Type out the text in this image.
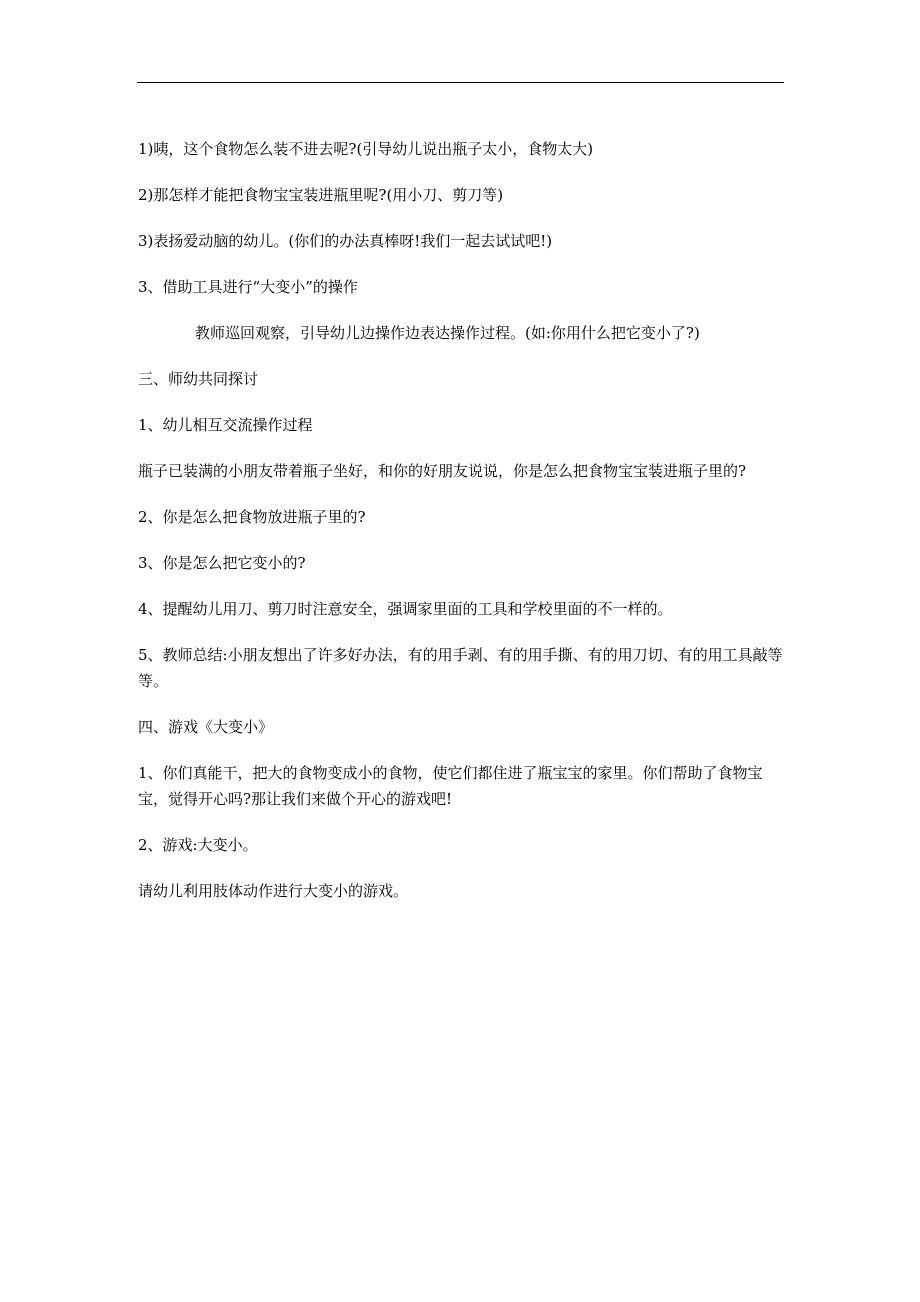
1)咦，这个食物怎么装不进去呢?(引导幼儿说出瓶子太小，食物太大)

2)那怎样才能把食物宝宝装进瓶里呢?(用小刀、剪刀等)

3)表扬爱动脑的幼儿。(你们的办法真棒呀!我们一起去试试吧!)

3、借助工具进行“大变小”的操作

教师巡回观察，引导幼儿边操作边表达操作过程。(如:你用什么把它变小了?)

三、师幼共同探讨

1、幼儿相互交流操作过程

瓶子已装满的小朋友带着瓶子坐好，和你的好朋友说说，你是怎么把食物宝宝装进瓶子里的?

2、你是怎么把食物放进瓶子里的?

3、你是怎么把它变小的?

4、提醒幼儿用刀、剪刀时注意安全，强调家里面的工具和学校里面的不一样的。

5、教师总结:小朋友想出了许多好办法，有的用手剥、有的用手撕、有的用刀切、有的用工具敲等等。

四、游戏《大变小》

1、你们真能干，把大的食物变成小的食物，使它们都住进了瓶宝宝的家里。你们帮助了食物宝宝，觉得开心吗?那让我们来做个开心的游戏吧!

2、游戏:大变小。

请幼儿利用肢体动作进行大变小的游戏。
